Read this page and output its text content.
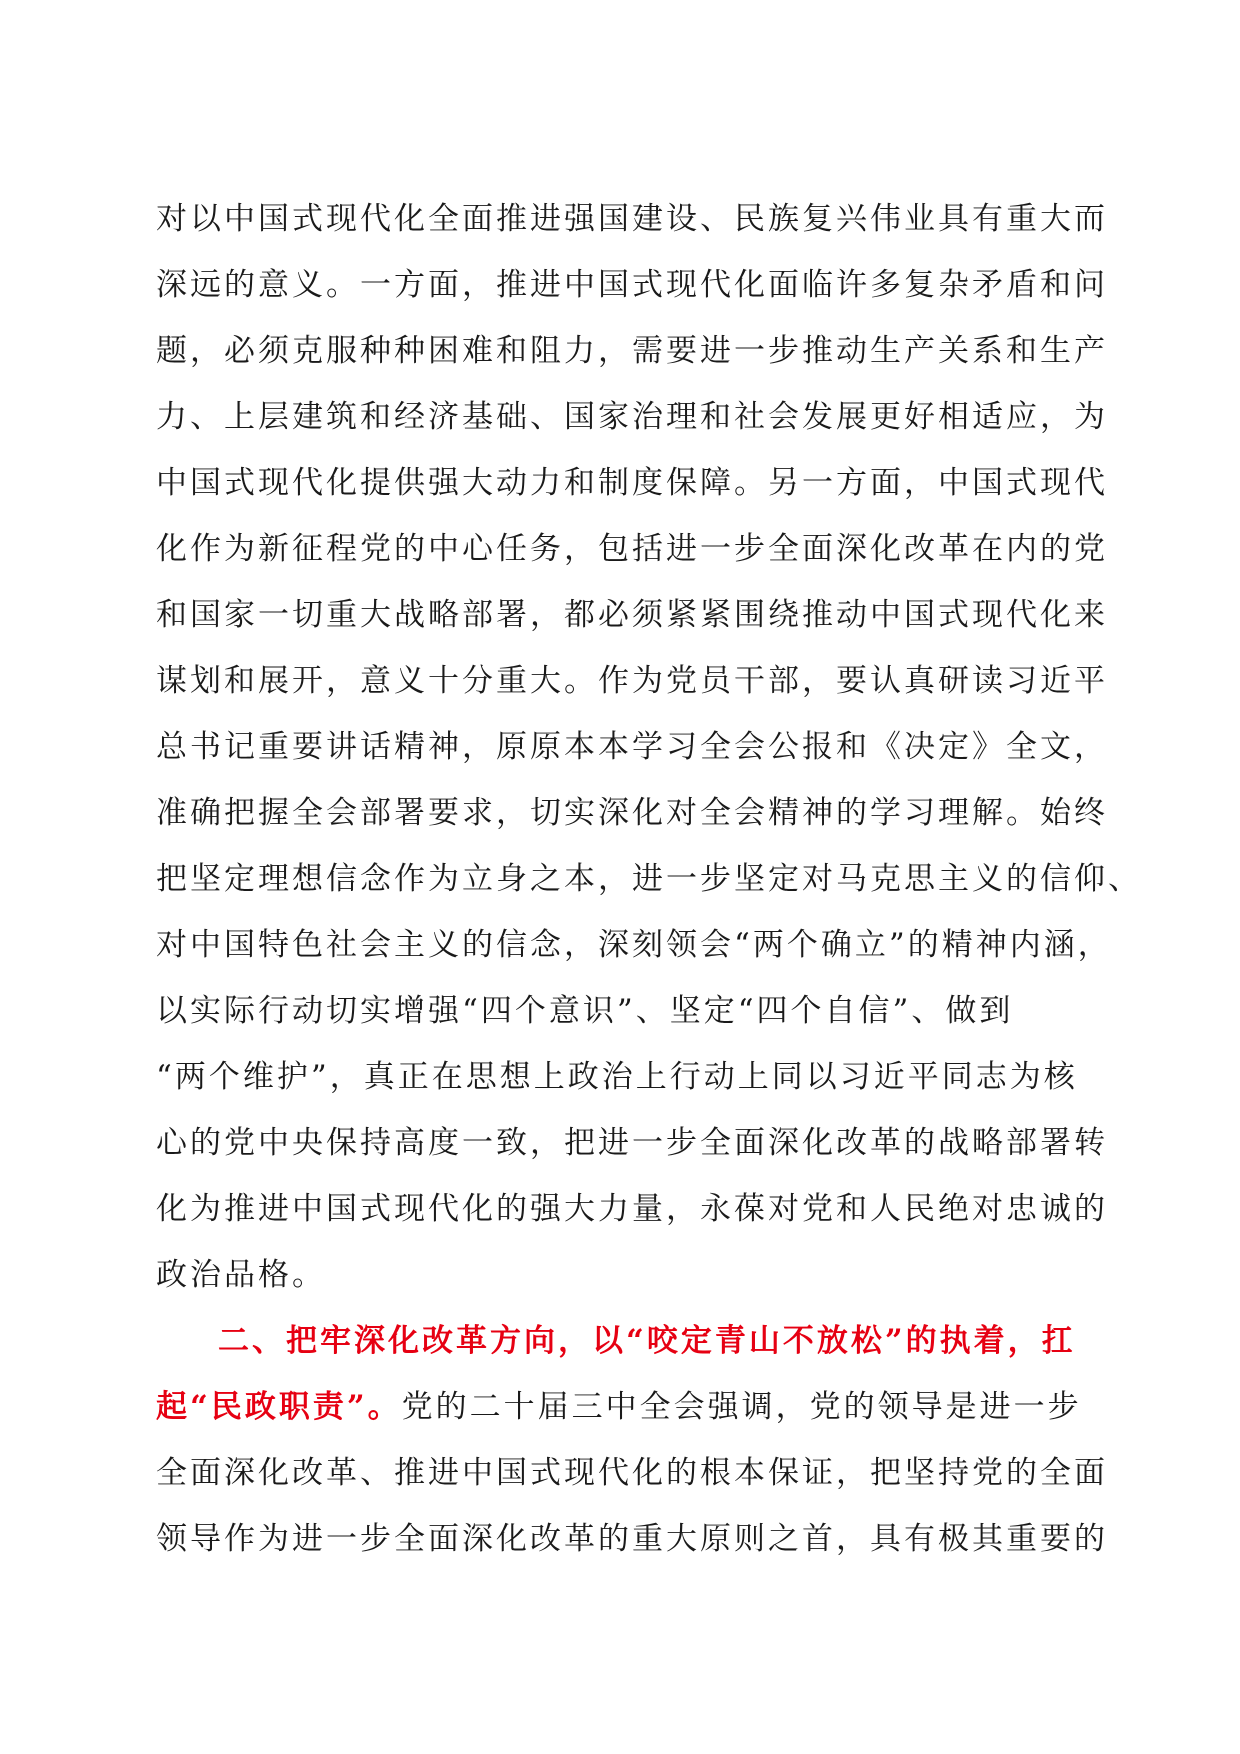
对以中国式现代化全面推进强国建设、民族复兴伟业具有重大而
深远的意义。一方面，推进中国式现代化面临许多复杂矛盾和问
题，必须克服种种困难和阻力，需要进一步推动生产关系和生产
力、上层建筑和经济基础、国家治理和社会发展更好相适应，为
中国式现代化提供强大动力和制度保障。另一方面，中国式现代
化作为新征程党的中心任务，包括进一步全面深化改革在内的党
和国家一切重大战略部署，都必须紧紧围绕推动中国式现代化来
谋划和展开，意义十分重大。作为党员干部，要认真研读习近平
总书记重要讲话精神，原原本本学习全会公报和《决定》全文，
准确把握全会部署要求，切实深化对全会精神的学习理解。始终
把坚定理想信念作为立身之本，进一步坚定对马克思主义的信仰、
对中国特色社会主义的信念，深刻领会“两个确立”的精神内涵，
以实际行动切实增强“四个意识”、坚定“四个自信”、做到
“两个维护”，真正在思想上政治上行动上同以习近平同志为核
心的党中央保持高度一致，把进一步全面深化改革的战略部署转
化为推进中国式现代化的强大力量，永葆对党和人民绝对忠诚的
政治品格。
二、把牢深化改革方向，以“咬定青山不放松”的执着，扛
起“民政职责”。党的二十届三中全会强调，党的领导是进一步
全面深化改革、推进中国式现代化的根本保证，把坚持党的全面
领导作为进一步全面深化改革的重大原则之首，具有极其重要的
